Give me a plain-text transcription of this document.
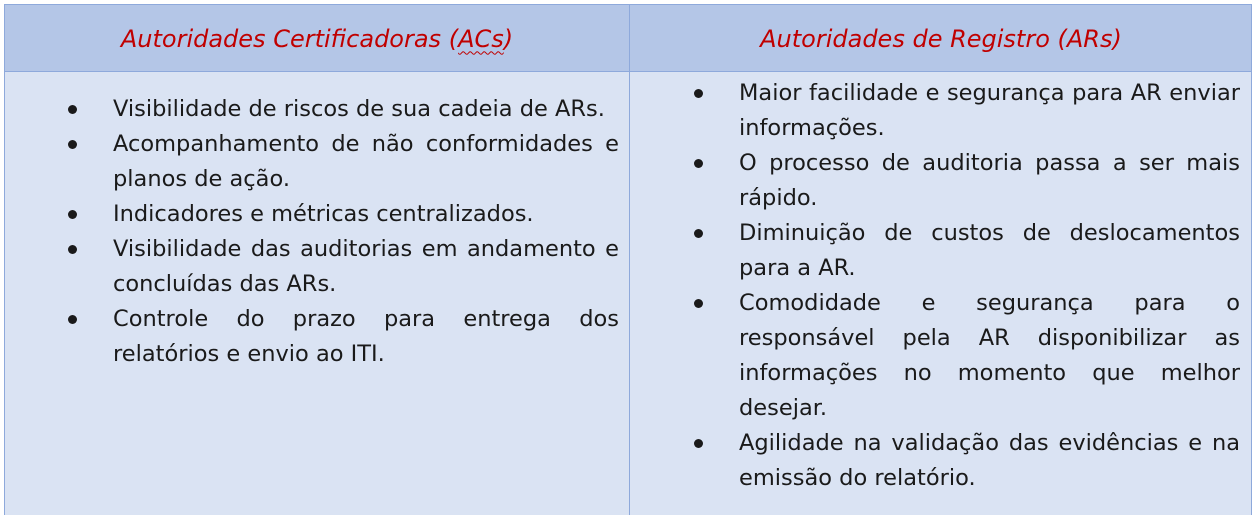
Autoridades Certificadoras ( ACs )	Autoridades de Registro (ARs)
Visibilidade de riscos de sua cadeia de ARs.
Acompanhamento de não conformidades e planos de ação.
Indicadores e métricas centralizados.
Visibilidade das auditorias em andamento e concluídas das ARs.
Controle do prazo para entrega dos relatórios e envio ao ITI.
Maior facilidade e segurança para AR enviar informações.
O processo de auditoria passa a ser mais rápido.
Diminuição de custos de deslocamentos para a AR.
Comodidade e segurança para o responsável pela AR disponibilizar as informações no momento que melhor desejar.
Agilidade na validação das evidências e na emissão do relatório.
